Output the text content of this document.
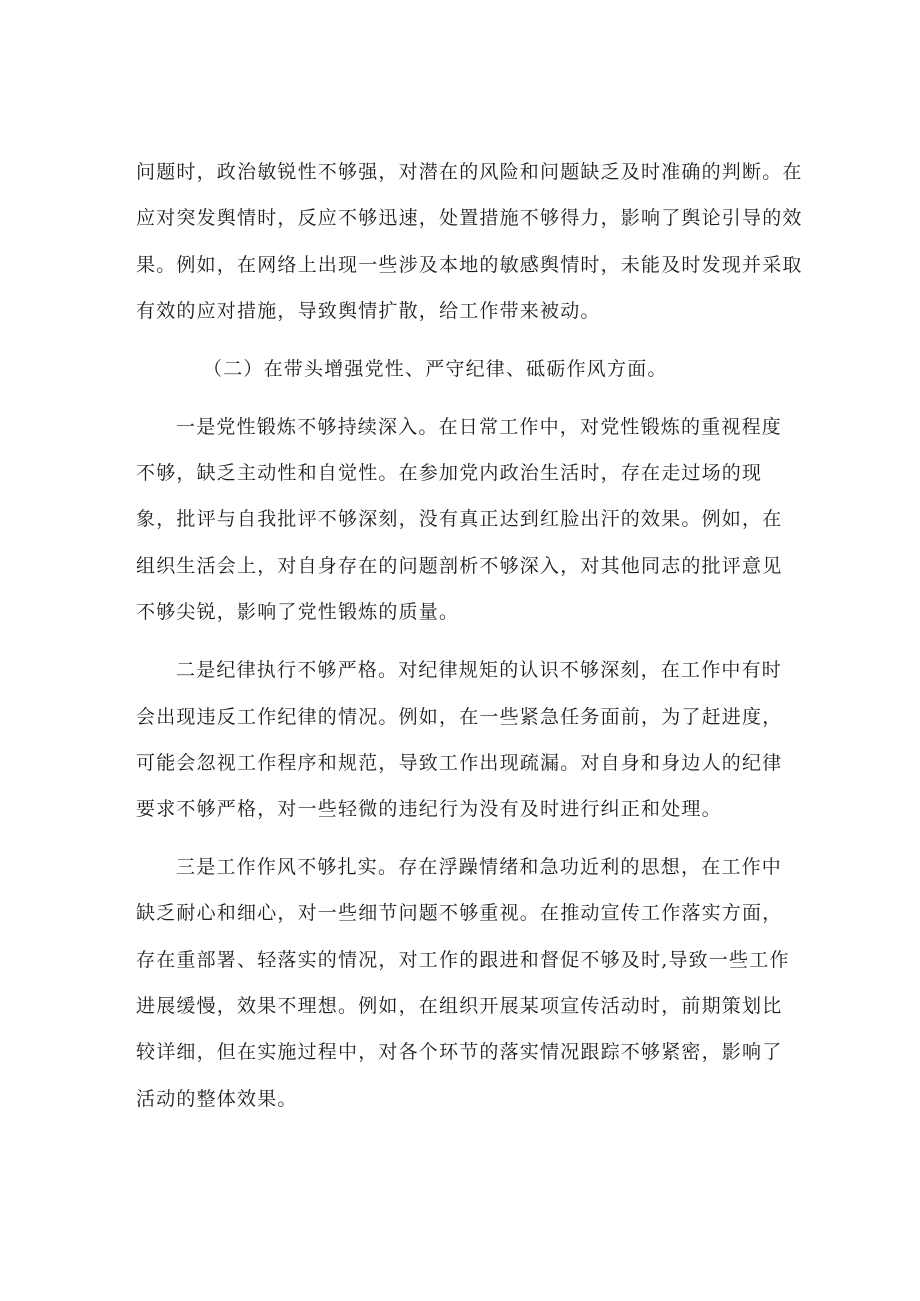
问题时，政治敏锐性不够强，对潜在的风险和问题缺乏及时准确的判断。在
应对突发舆情时，反应不够迅速，处置措施不够得力，影响了舆论引导的效
果。例如，在网络上出现一些涉及本地的敏感舆情时，未能及时发现并采取
有效的应对措施，导致舆情扩散，给工作带来被动。
（二）在带头增强党性、严守纪律、砥砺作风方面。
一是党性锻炼不够持续深入。在日常工作中，对党性锻炼的重视程度
不够，缺乏主动性和自觉性。在参加党内政治生活时，存在走过场的现
象，批评与自我批评不够深刻，没有真正达到红脸出汗的效果。例如，在
组织生活会上，对自身存在的问题剖析不够深入，对其他同志的批评意见
不够尖锐，影响了党性锻炼的质量。
二是纪律执行不够严格。对纪律规矩的认识不够深刻，在工作中有时
会出现违反工作纪律的情况。例如，在一些紧急任务面前，为了赶进度，
可能会忽视工作程序和规范，导致工作出现疏漏。对自身和身边人的纪律
要求不够严格，对一些轻微的违纪行为没有及时进行纠正和处理。
三是工作作风不够扎实。存在浮躁情绪和急功近利的思想，在工作中
缺乏耐心和细心，对一些细节问题不够重视。在推动宣传工作落实方面，
存在重部署、轻落实的情况，对工作的跟进和督促不够及时,导致一些工作
进展缓慢，效果不理想。例如，在组织开展某项宣传活动时，前期策划比
较详细，但在实施过程中，对各个环节的落实情况跟踪不够紧密，影响了
活动的整体效果。
